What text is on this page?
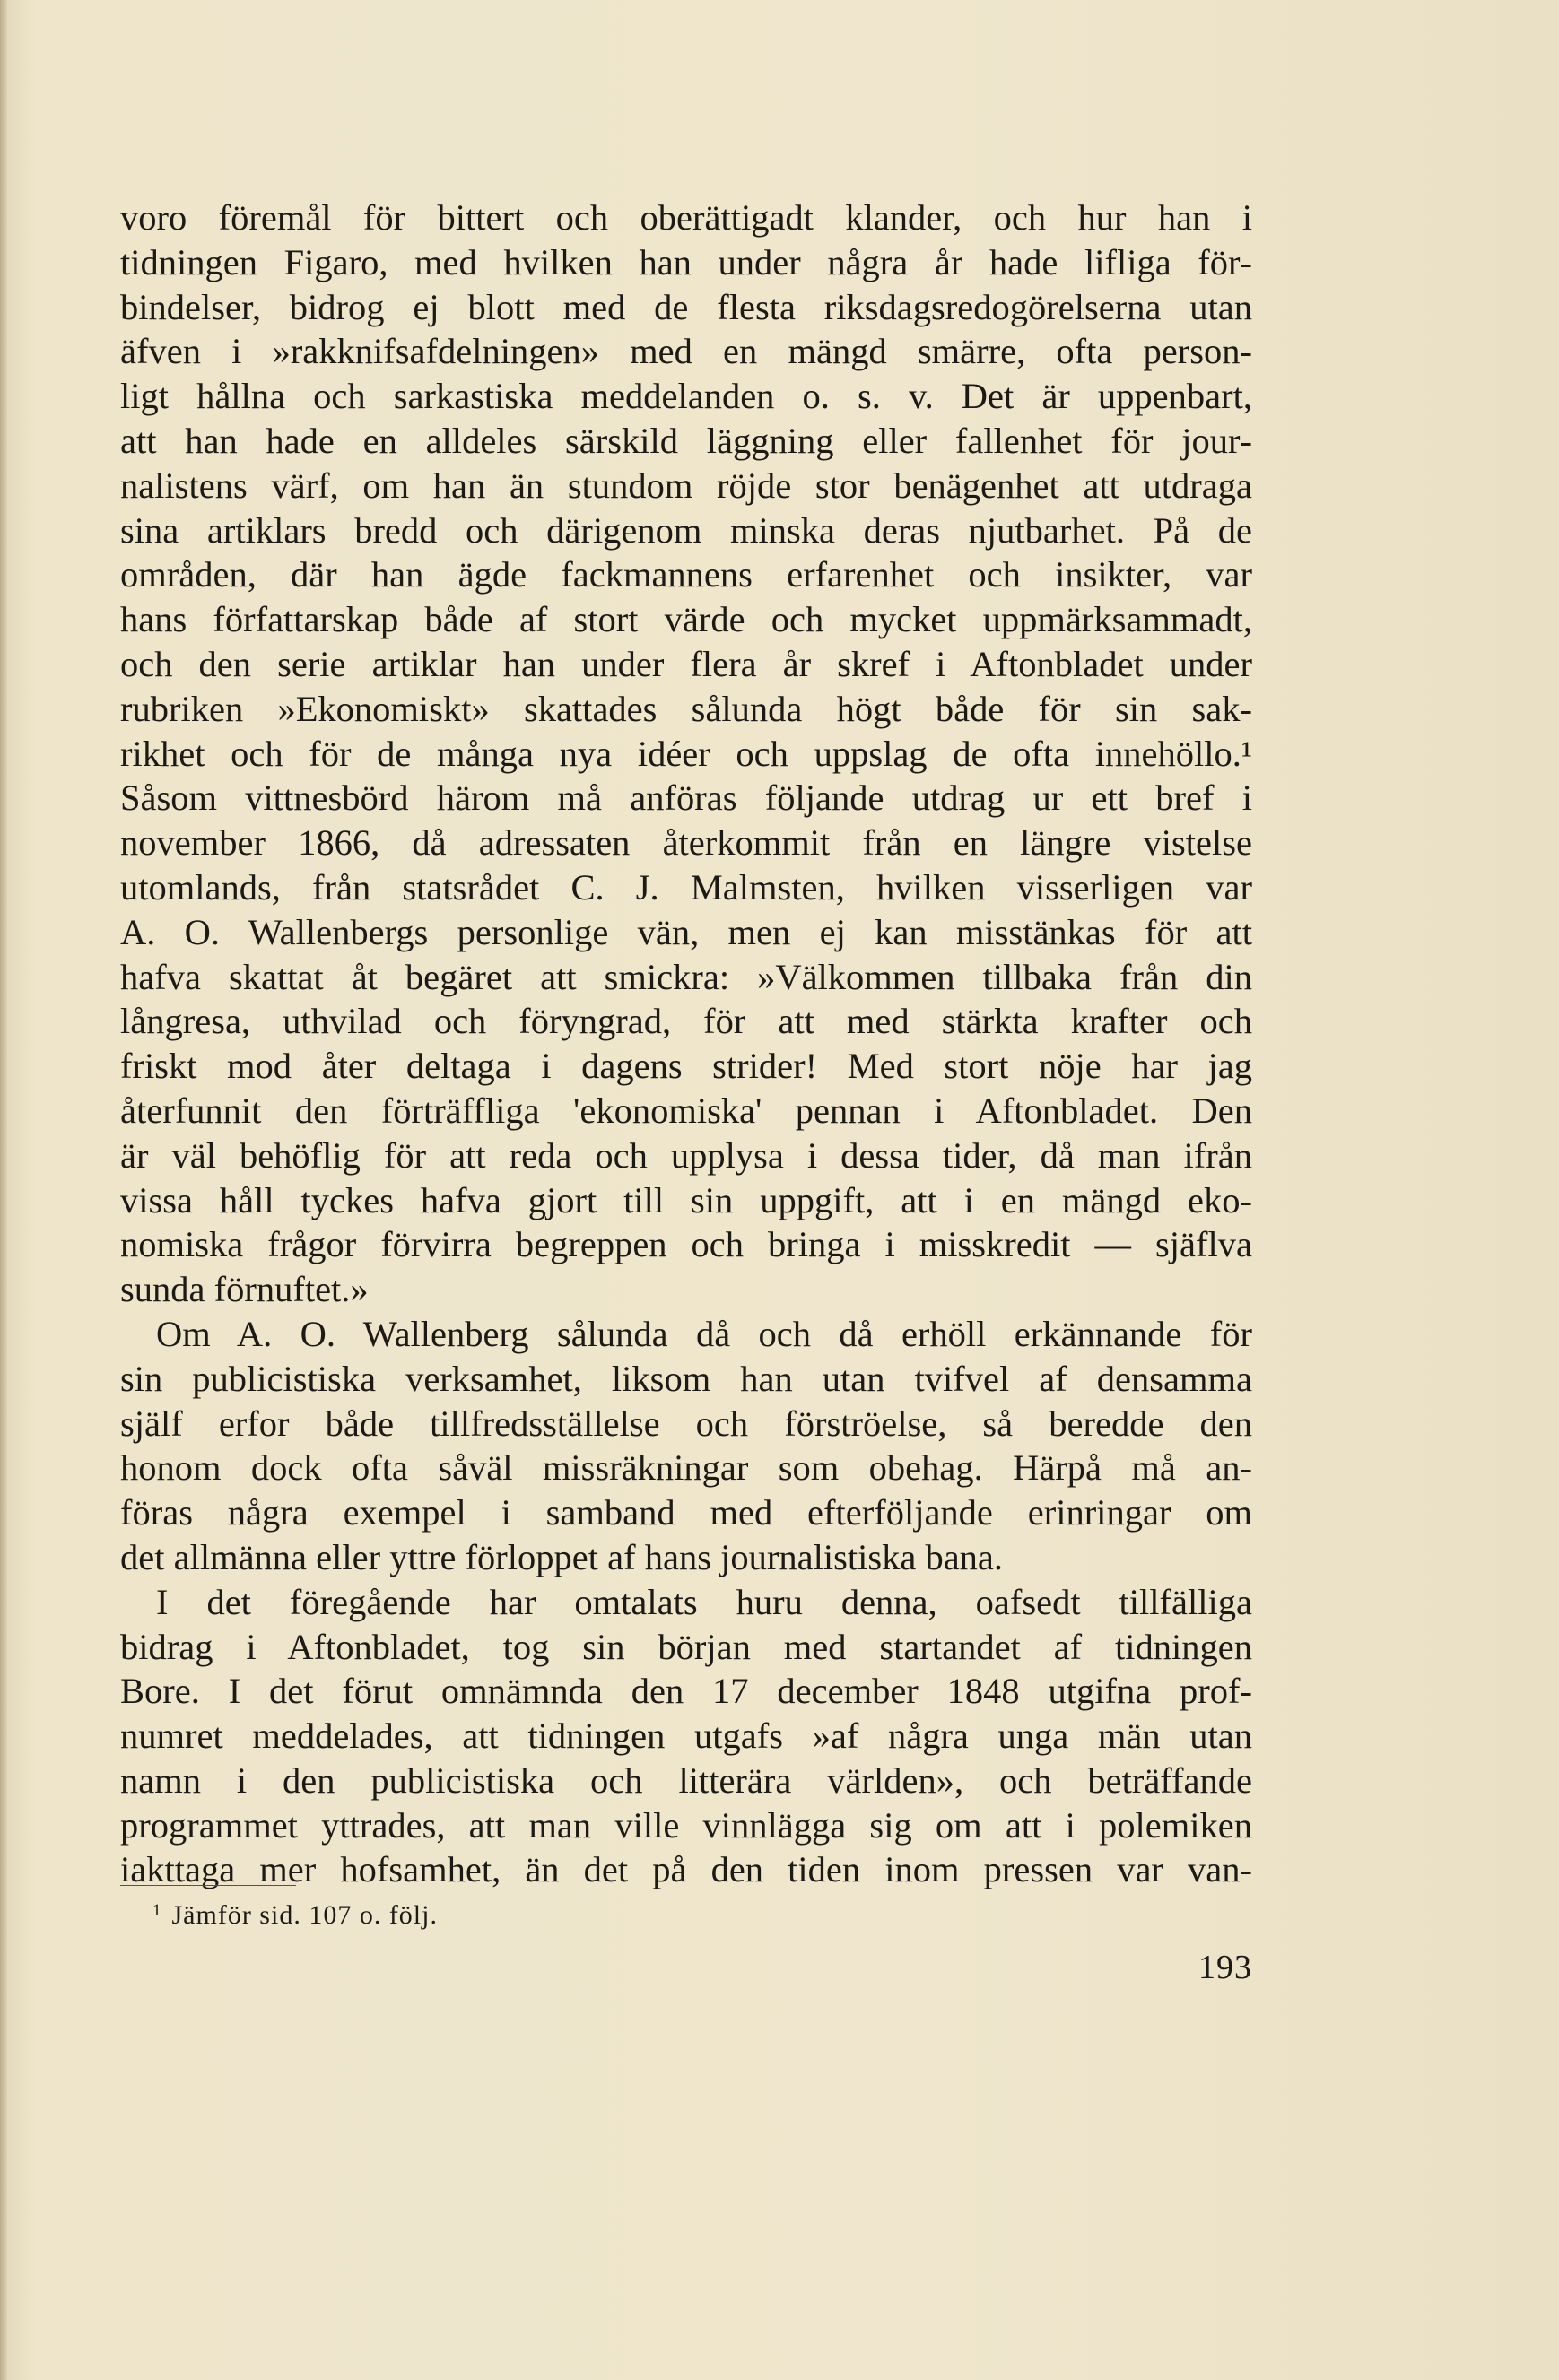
voro föremål för bittert och oberättigadt klander, och hur han i
tidningen Figaro, med hvilken han under några år hade lifliga för‑
bindelser, bidrog ej blott med de flesta riksdagsredogörelserna utan
äfven i »rakknifsafdelningen» med en mängd smärre, ofta person‑
ligt hållna och sarkastiska meddelanden o. s. v. Det är uppenbart,
att han hade en alldeles särskild läggning eller fallenhet för jour‑
nalistens värf, om han än stundom röjde stor benägenhet att utdraga
sina artiklars bredd och därigenom minska deras njutbarhet. På de
områden, där han ägde fackmannens erfarenhet och insikter, var
hans författarskap både af stort värde och mycket uppmärksammadt,
och den serie artiklar han under flera år skref i Aftonbladet under
rubriken »Ekonomiskt» skattades sålunda högt både för sin sak‑
rikhet och för de många nya idéer och uppslag de ofta innehöllo.¹
Såsom vittnesbörd härom må anföras följande utdrag ur ett bref i
november 1866, då adressaten återkommit från en längre vistelse
utomlands, från statsrådet C. J. Malmsten, hvilken visserligen var
A. O. Wallenbergs personlige vän, men ej kan misstänkas för att
hafva skattat åt begäret att smickra: »Välkommen tillbaka från din
långresa, uthvilad och föryngrad, för att med stärkta krafter och
friskt mod åter deltaga i dagens strider! Med stort nöje har jag
återfunnit den förträffliga 'ekonomiska' pennan i Aftonbladet. Den
är väl behöflig för att reda och upplysa i dessa tider, då man ifrån
vissa håll tyckes hafva gjort till sin uppgift, att i en mängd eko‑
nomiska frågor förvirra begreppen och bringa i misskredit — sjäflva
sunda förnuftet.»
Om A. O. Wallenberg sålunda då och då erhöll erkännande för
sin publicistiska verksamhet, liksom han utan tvifvel af densamma
själf erfor både tillfredsställelse och förströelse, så beredde den
honom dock ofta såväl missräkningar som obehag. Härpå må an‑
föras några exempel i samband med efterföljande erinringar om
det allmänna eller yttre förloppet af hans journalistiska bana.
I det föregående har omtalats huru denna, oafsedt tillfälliga
bidrag i Aftonbladet, tog sin början med startandet af tidningen
Bore. I det förut omnämnda den 17 december 1848 utgifna prof‑
numret meddelades, att tidningen utgafs »af några unga män utan
namn i den publicistiska och litterära världen», och beträffande
programmet yttrades, att man ville vinnlägga sig om att i polemiken
iakttaga mer hofsamhet, än det på den tiden inom pressen var van‑
$^1$ Jämför sid. 107 o. följ.
193
